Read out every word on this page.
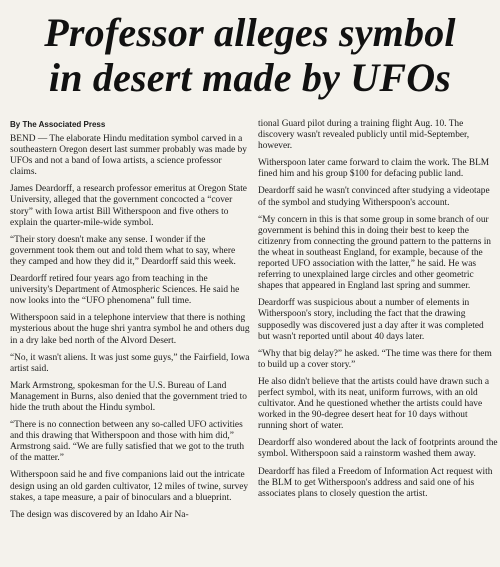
Professor alleges symbol
in desert made by UFOs
By The Associated Press

BEND — The elaborate Hindu meditation symbol carved in a southeastern Oregon desert last summer probably was made by UFOs and not a band of Iowa artists, a science professor claims.

James Deardorff, a research professor emeritus at Oregon State University, alleged that the government concocted a “cover story” with Iowa artist Bill Witherspoon and five others to explain the quarter-mile-wide symbol.

“Their story doesn't make any sense. I wonder if the government took them out and told them what to say, where they camped and how they did it,” Deardorff said this week.

Deardorff retired four years ago from teaching in the university's Department of Atmospheric Sciences. He said he now looks into the “UFO phenomena” full time.

Witherspoon said in a telephone interview that there is nothing mysterious about the huge shri yantra symbol he and others dug in a dry lake bed north of the Alvord Desert.

“No, it wasn't aliens. It was just some guys,” the Fairfield, Iowa artist said.

Mark Armstrong, spokesman for the U.S. Bureau of Land Management in Burns, also denied that the government tried to hide the truth about the Hindu symbol.

“There is no connection between any so-called UFO activities and this drawing that Witherspoon and those with him did,” Armstrong said. “We are fully satisfied that we got to the truth of the matter.”

Witherspoon said he and five companions laid out the intricate design using an old garden cultivator, 12 miles of twine, survey stakes, a tape measure, a pair of binoculars and a blueprint.

The design was discovered by an Idaho Air Na-

tional Guard pilot during a training flight Aug. 10. The discovery wasn't revealed publicly until mid-September, however.

Witherspoon later came forward to claim the work. The BLM fined him and his group $100 for defacing public land.

Deardorff said he wasn't convinced after studying a videotape of the symbol and studying Witherspoon's account.

“My concern in this is that some group in some branch of our government is behind this in doing their best to keep the citizenry from connecting the ground pattern to the patterns in the wheat in southeast England, for example, because of the reported UFO association with the latter,” he said. He was referring to unexplained large circles and other geometric shapes that appeared in England last spring and summer.

Deardorff was suspicious about a number of elements in Witherspoon's story, including the fact that the drawing supposedly was discovered just a day after it was completed but wasn't reported until about 40 days later.

“Why that big delay?” he asked. “The time was there for them to build up a cover story.”

He also didn't believe that the artists could have drawn such a perfect symbol, with its neat, uniform furrows, with an old cultivator. And he questioned whether the artists could have worked in the 90-degree desert heat for 10 days without running short of water.

Deardorff also wondered about the lack of footprints around the symbol. Witherspoon said a rainstorm washed them away.

Deardorff has filed a Freedom of Information Act request with the BLM to get Witherspoon's address and said one of his associates plans to closely question the artist.
